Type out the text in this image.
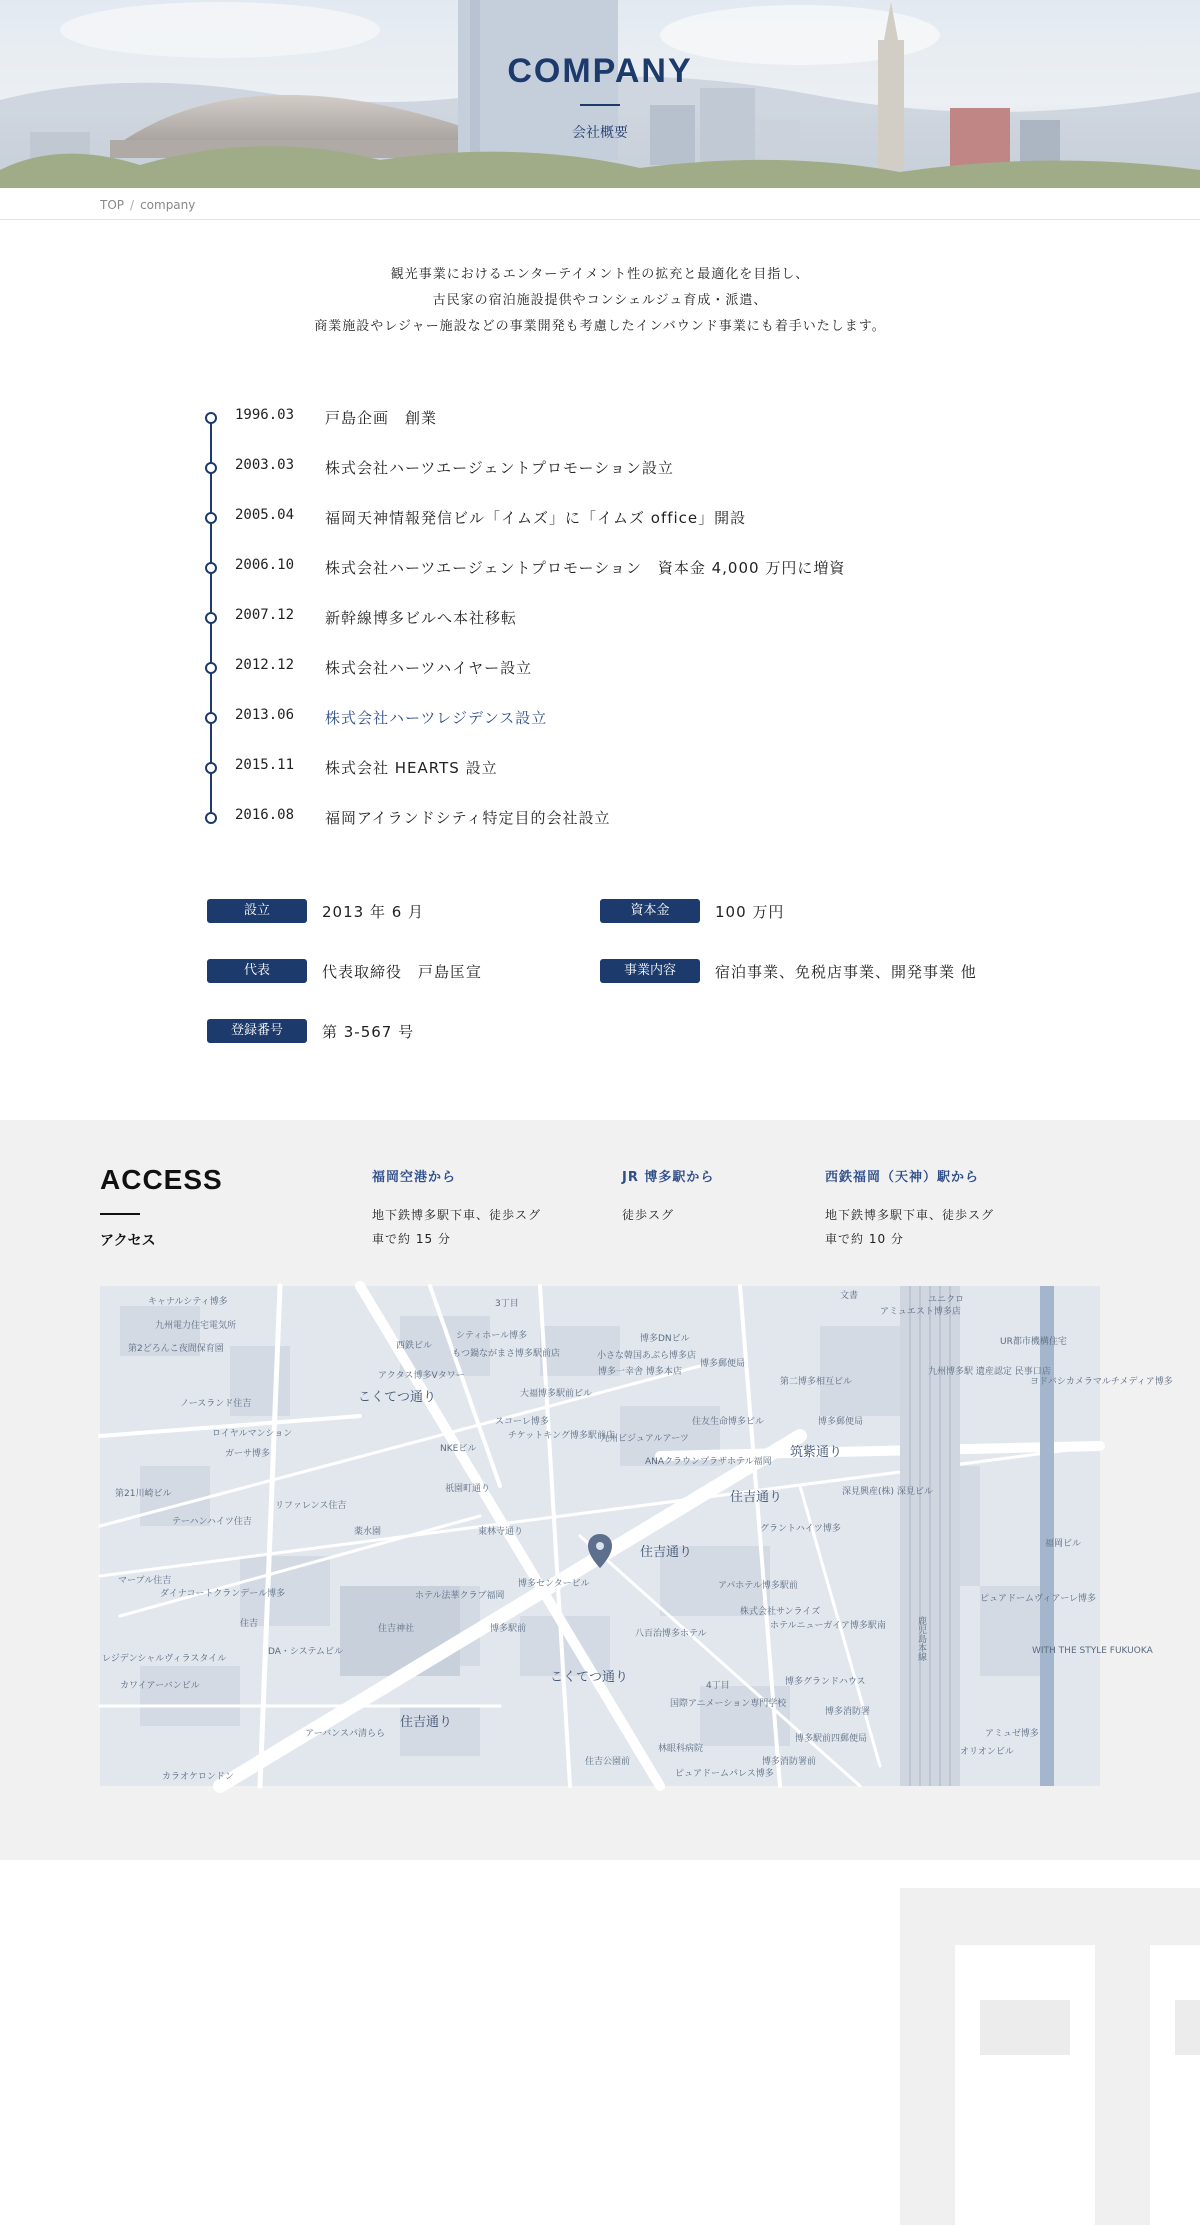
COMPANY
会社概要
TOP / company
観光事業におけるエンターテイメント性の拡充と最適化を目指し、
古民家の宿泊施設提供やコンシェルジュ育成・派遣、
商業施設やレジャー施設などの事業開発も考慮したインバウンド事業にも着手いたします。
1996.03 戸島企画　創業
2003.03 株式会社ハーツエージェントプロモーション設立
2005.04 福岡天神情報発信ビル「イムズ」に「イムズ office」開設
2006.10 株式会社ハーツエージェントプロモーション　資本金 4,000 万円に増資
2007.12 新幹線博多ビルへ本社移転
2012.12 株式会社ハーツハイヤー設立
2013.06 株式会社ハーツレジデンス設立
2015.11 株式会社 HEARTS 設立
2016.08 福岡アイランドシティ特定目的会社設立
設立	2013 年 6 月	資本金	100 万円
代表	代表取締役　戸島匡宣	事業内容	宿泊事業、免税店事業、開発事業 他
登録番号	第 3-567 号
ACCESS
アクセス
福岡空港から
地下鉄博多駅下車、徒歩スグ
車で約 15 分
JR 博多駅から
徒歩スグ
西鉄福岡（天神）駅から
地下鉄博多駅下車、徒歩スグ
車で約 10 分
キャナルシティ博多
九州電力住宅電気所
第2どろんこ夜間保育園
ノースランド住吉
ロイヤルマンション
ガーサ博多
第21川崎ビル
テーハンハイツ住吉
リファレンス住吉
薬水園
ホテル法華クラブ福岡
住吉神社
ダイナコートクランデール博多
マーブル住吉
レジデンシャルヴィラスタイル
カワイアーバンビル
DA・システムビル
アーバンスパ清らら
カラオケロンドン
住吉公園前
住吉通り
住吉通り
住吉通り
こくてつ通り
こくてつ通り
東林寺通り
祇園町通り
筑紫通り
博多駅前
ANAクラウンプラザホテル福岡
九州ビジュアルアーツ
博多DNビル
小さな韓国あぶら博多店
博多一幸舎 博多本店
大福博多駅前ビル
チケットキング博多駅前店
スコーレ博多
NKEビル
アクタス博多Vタワー
もつ鍋ながまさ博多駅前店
シティホール博多
西鉄ビル
博多郵便局
第二博多相互ビル
住友生命博多ビル	博多郵便局
アパホテル博多駅前
株式会社サンライズ
ホテルニューガイア博多駅南
八百治博多ホテル
グラントハイツ博多
国際アニメーション専門学校
林眼科病院
ピュアドームパレス博多
博多駅前四郵便局
博多消防署
博多グランドハウス
深見興産(株) 深見ビル
ヨドバシカメラマルチメディア博多
九州博多駅 遺産認定 民事口店
UR都市機構住宅
アミュエスト博多店
ユニクロ
文書
ピュアドームヴィアーレ博多
WITH THE STYLE FUKUOKA
アミュゼ博多
オリオンビル
福岡ビル
博多センタービル
3丁目
4丁目
博多消防署前
住吉	鹿児島本線
